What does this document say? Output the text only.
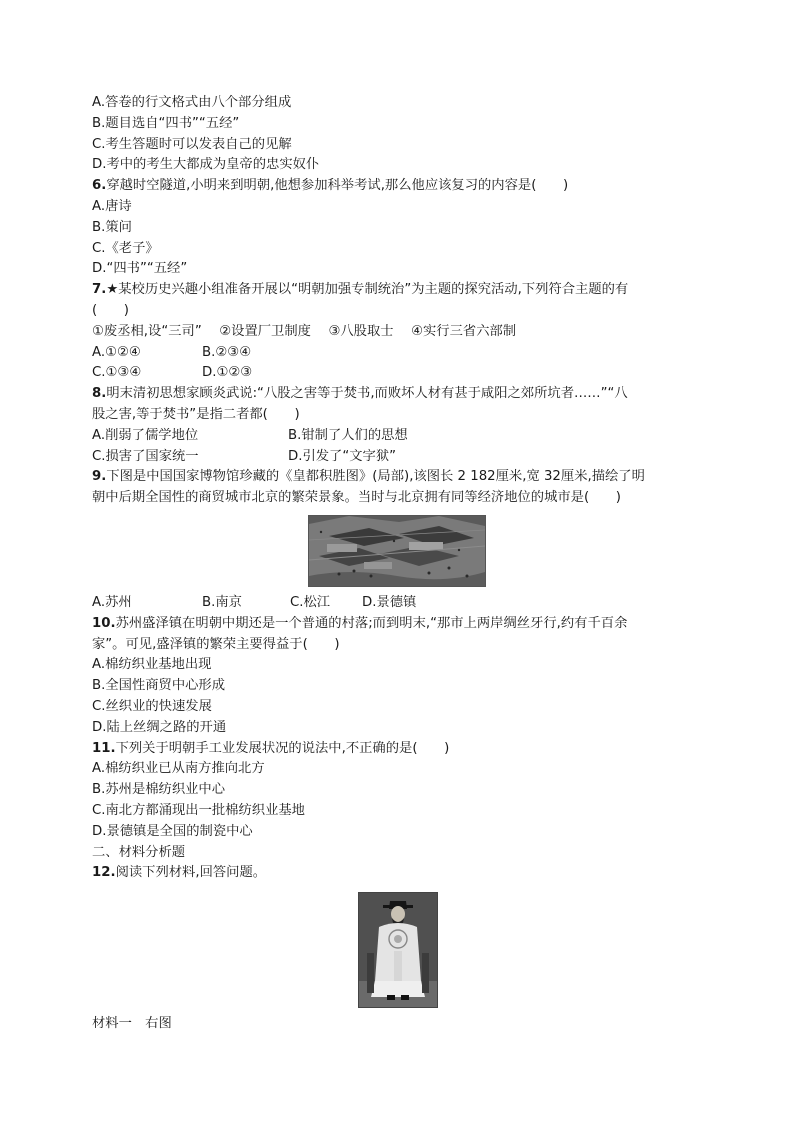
A.答卷的行文格式由八个部分组成
B.题目选自“四书”“五经”
C.考生答题时可以发表自己的见解
D.考中的考生大都成为皇帝的忠实奴仆
6.穿越时空隧道,小明来到明朝,他想参加科举考试,那么他应该复习的内容是(　　)
A.唐诗
B.策问
C.《老子》
D.“四书”“五经”
7.★某校历史兴趣小组准备开展以“明朝加强专制统治”为主题的探究活动,下列符合主题的有
(　　)
①废丞相,设“三司”　 ②设置厂卫制度　 ③八股取士　 ④实行三省六部制
A.①②④	B.②③④
C.①③④	D.①②③
8.明末清初思想家顾炎武说:“八股之害等于焚书,而败坏人材有甚于咸阳之郊所坑者……”“八
股之害,等于焚书”是指二者都(　　)
A.削弱了儒学地位	B.钳制了人们的思想
C.损害了国家统一	D.引发了“文字狱”
9.下图是中国国家博物馆珍藏的《皇都积胜图》(局部),该图长 2 182厘米,宽 32厘米,描绘了明
朝中后期全国性的商贸城市北京的繁荣景象。当时与北京拥有同等经济地位的城市是(　　)
A.苏州	B.南京	C.松江	D.景德镇
10.苏州盛泽镇在明朝中期还是一个普通的村落;而到明末,“那市上两岸绸丝牙行,约有千百余
家”。可见,盛泽镇的繁荣主要得益于(　　)
A.棉纺织业基地出现
B.全国性商贸中心形成
C.丝织业的快速发展
D.陆上丝绸之路的开通
11.下列关于明朝手工业发展状况的说法中,不正确的是(　　)
A.棉纺织业已从南方推向北方
B.苏州是棉纺织业中心
C.南北方都涌现出一批棉纺织业基地
D.景德镇是全国的制瓷中心
二、材料分析题
12.阅读下列材料,回答问题。
材料一　右图
